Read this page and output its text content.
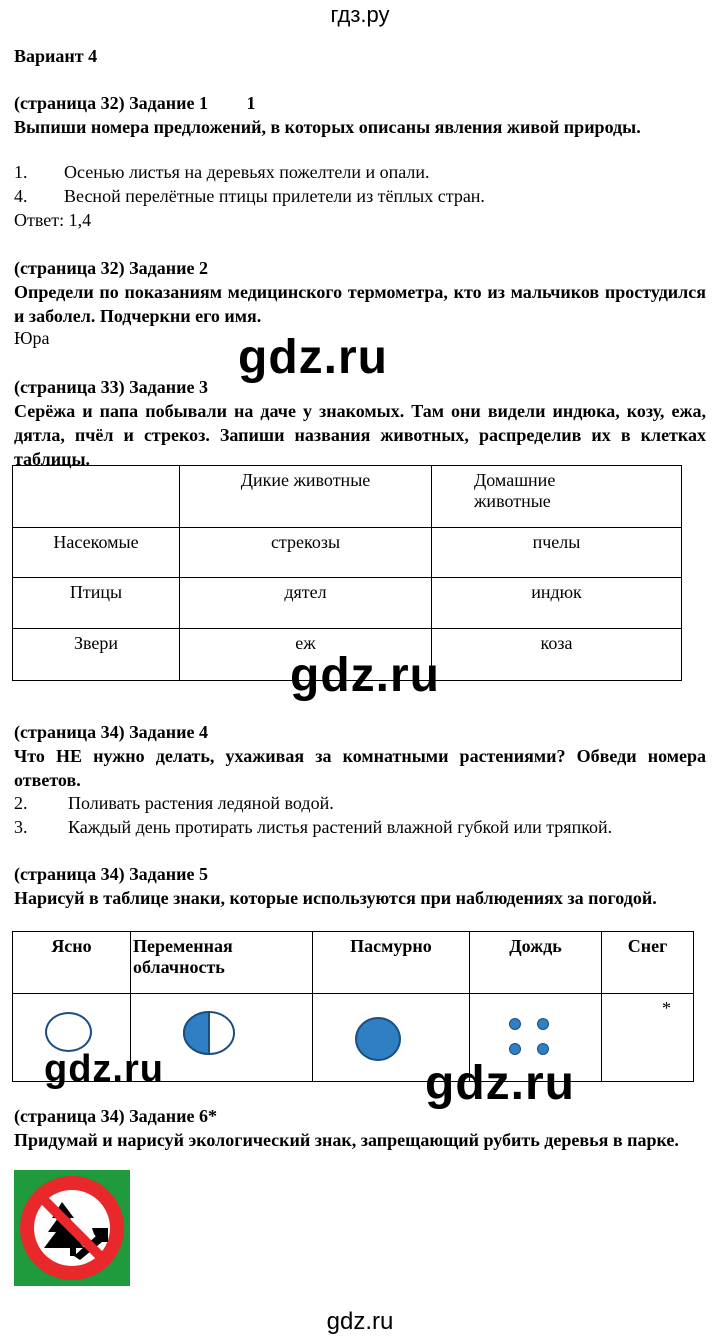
гдз.ру
Вариант 4
(страница 32) Задание 1 1
Выпиши номера предложений, в которых описаны явления живой природы.
1. Осенью листья на деревьях пожелтели и опали.
4. Весной перелётные птицы прилетели из тёплых стран.
Ответ: 1,4
(страница 32) Задание 2
Определи по показаниям медицинского термометра, кто из мальчиков простудился и заболел. Подчеркни его имя.
Юра	gdz.ru
(страница 33) Задание 3
Серёжа и папа побывали на даче у знакомых. Там они видели индюка, козу, ежа, дятла, пчёл и стрекоз. Запиши названия животных, распределив их в клетках таблицы.
	Дикие животные	Домашние животные

Насекомые	стрекозы	пчелы
Птицы	дятел	индюк
Звери	еж	коза
gdz.ru
(страница 34) Задание 4
Что НЕ нужно делать, ухаживая за комнатными растениями? Обведи номера ответов.
2. Поливать растения ледяной водой.
3. Каждый день протирать листья растений влажной губкой или тряпкой.
(страница 34) Задание 5
Нарисуй в таблице знаки, которые используются при наблюдениях за погодой.
Ясно	Переменная облачность	Пасмурно	Дождь	Снег
				*
gdz.ru	gdz.ru
(страница 34) Задание 6*
Придумай и нарисуй экологический знак, запрещающий рубить деревья в парке.
gdz.ru
